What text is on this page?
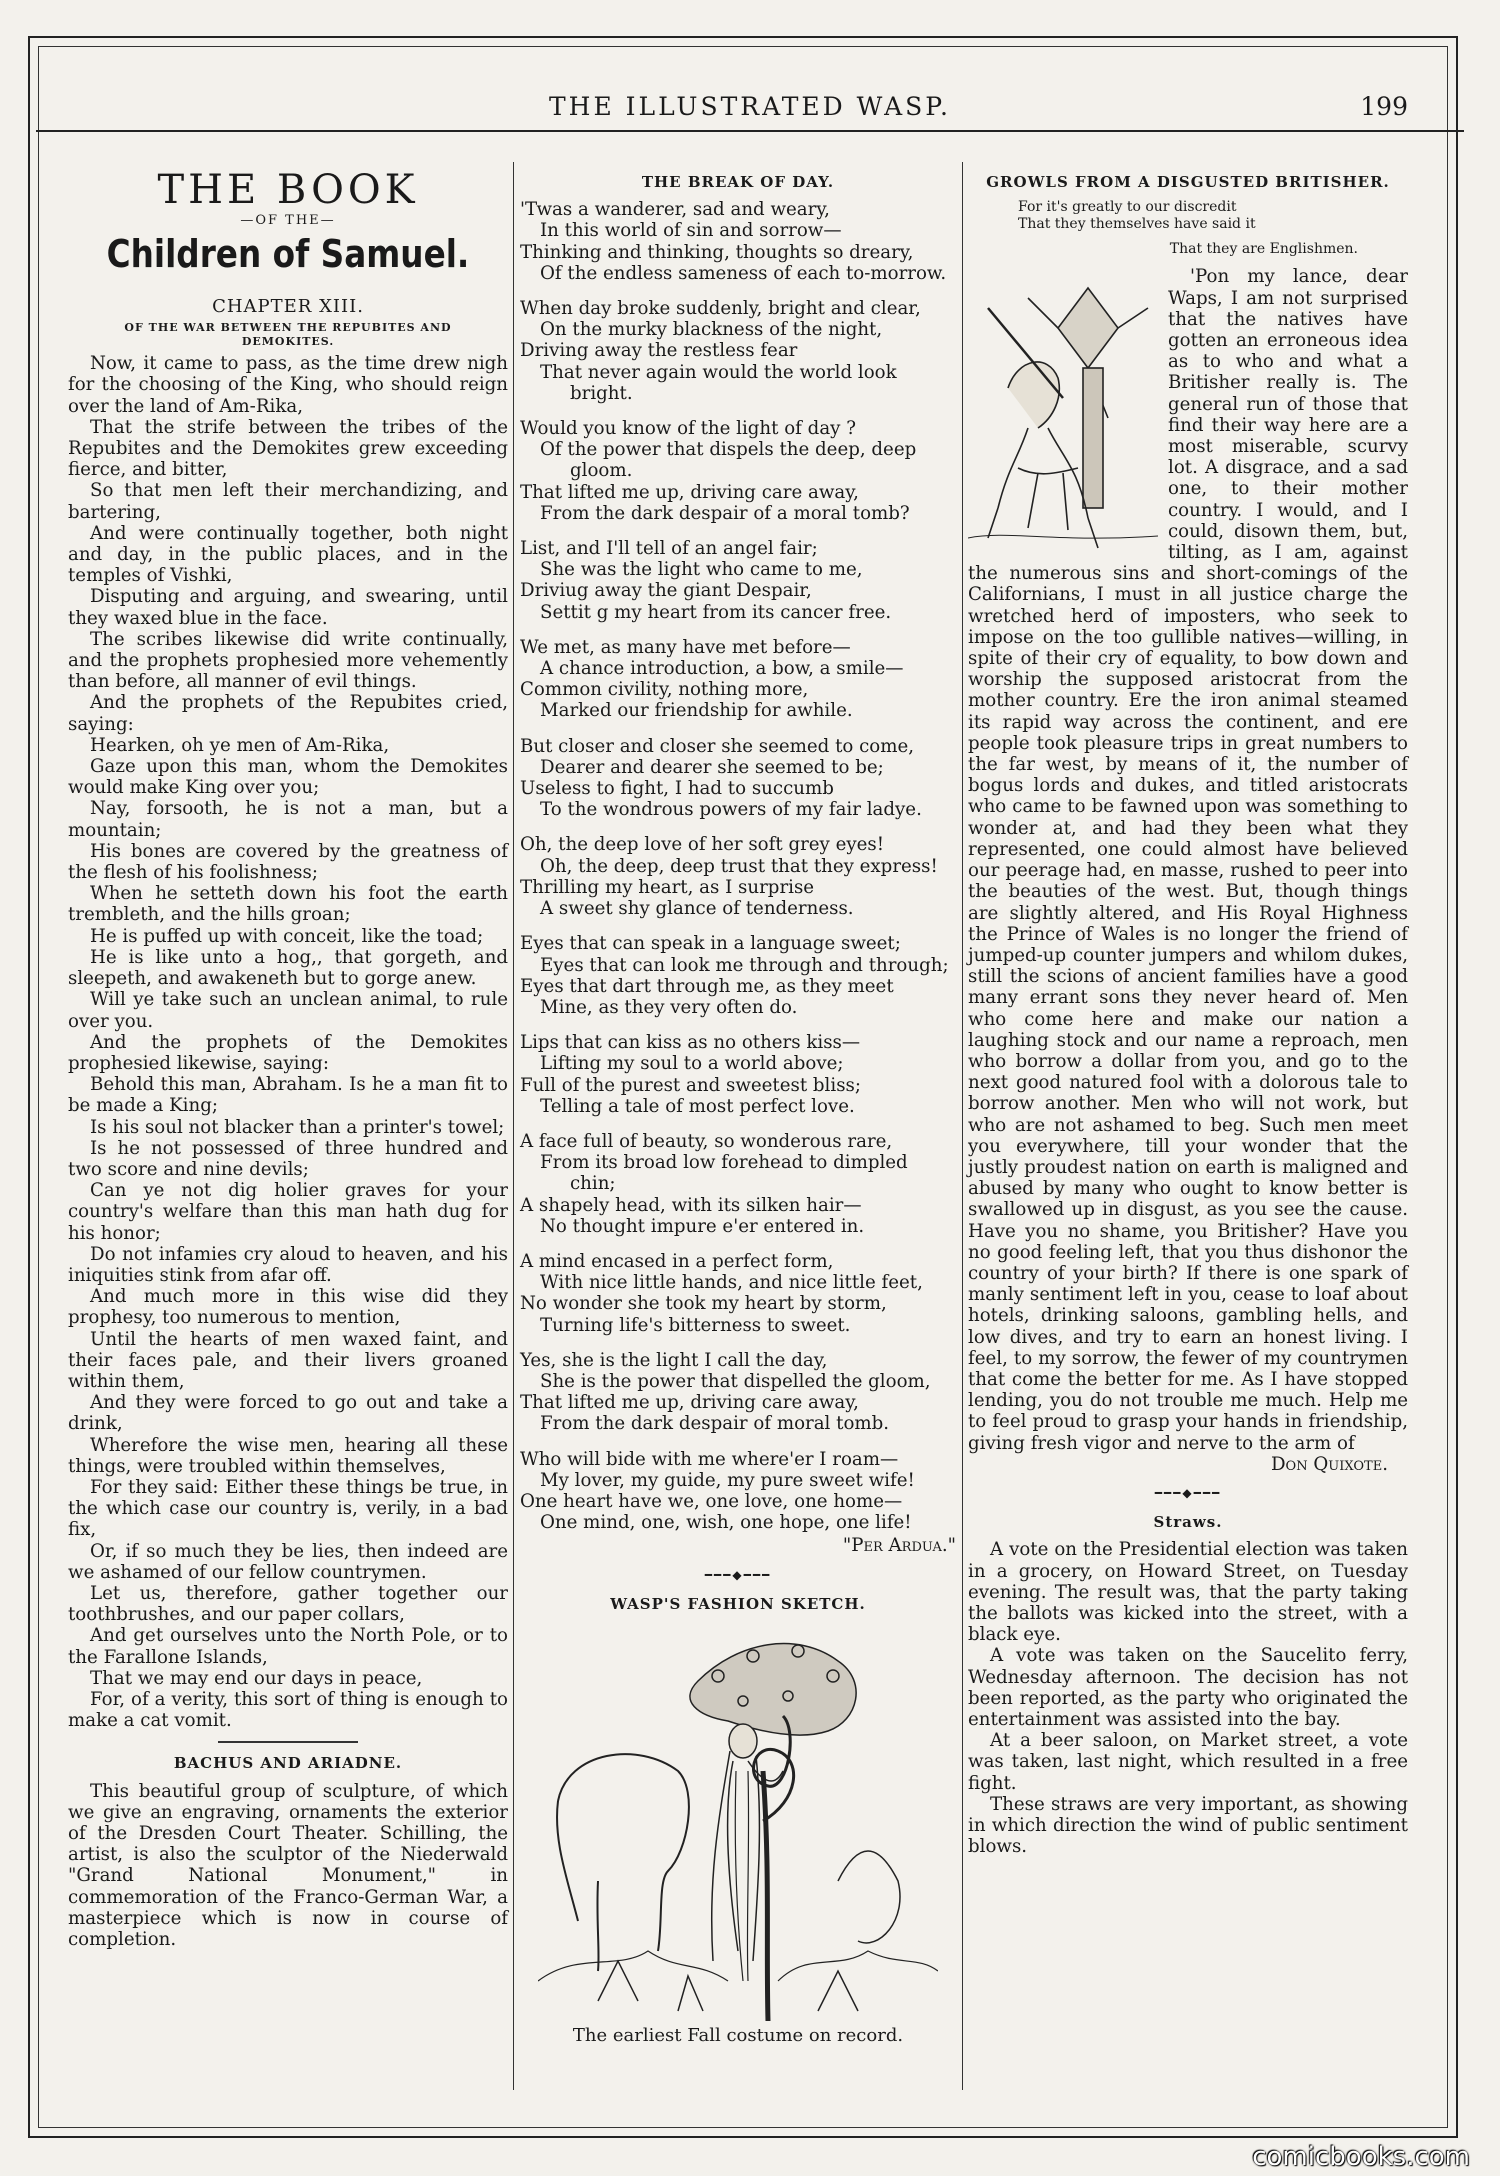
THE ILLUSTRATED WASP.	199
THE BOOK
—OF THE—
Children of Samuel.
CHAPTER XIII.
OF THE WAR BETWEEN THE REPUBITES AND DEMOKITES.

Now, it came to pass, as the time drew nigh for the choosing of the King, who should reign over the land of Am-Rika,

That the strife between the tribes of the Repubites and the Demokites grew exceeding fierce, and bitter,

So that men left their merchandizing, and bartering,

And were continually together, both night and day, in the public places, and in the temples of Vishki,

Disputing and arguing, and swearing, until they waxed blue in the face.

The scribes likewise did write continually, and the prophets prophesied more vehemently than before, all manner of evil things.

And the prophets of the Repubites cried, saying:

Hearken, oh ye men of Am-Rika,

Gaze upon this man, whom the Demokites would make King over you;

Nay, forsooth, he is not a man, but a mountain;

His bones are covered by the greatness of the flesh of his foolishness;

When he setteth down his foot the earth trembleth, and the hills groan;

He is puffed up with conceit, like the toad;

He is like unto a hog,, that gorgeth, and sleepeth, and awakeneth but to gorge anew.

Will ye take such an unclean animal, to rule over you.

And the prophets of the Demokites prophesied likewise, saying:

Behold this man, Abraham. Is he a man fit to be made a King;

Is his soul not blacker than a printer's towel;

Is he not possessed of three hundred and two score and nine devils;

Can ye not dig holier graves for your country's welfare than this man hath dug for his honor;

Do not infamies cry aloud to heaven, and his iniquities stink from afar off.

And much more in this wise did they prophesy, too numerous to mention,

Until the hearts of men waxed faint, and their faces pale, and their livers groaned within them,

And they were forced to go out and take a drink,

Wherefore the wise men, hearing all these things, were troubled within themselves,

For they said: Either these things be true, in the which case our country is, verily, in a bad fix,

Or, if so much they be lies, then indeed are we ashamed of our fellow countrymen.

Let us, therefore, gather together our toothbrushes, and our paper collars,

And get ourselves unto the North Pole, or to the Farallone Islands,

That we may end our days in peace,

For, of a verity, this sort of thing is enough to make a cat vomit.

BACHUS AND ARIADNE.

This beautiful group of sculpture, of which we give an engraving, ornaments the exterior of the Dresden Court Theater. Schilling, the artist, is also the sculptor of the Niederwald "Grand National Monument," in commemoration of the Franco-German War, a masterpiece which is now in course of completion.

THE BREAK OF DAY.
'Twas a wanderer, sad and weary,
In this world of sin and sorrow—
Thinking and thinking, thoughts so dreary,
Of the endless sameness of each to-morrow.
When day broke suddenly, bright and clear,
On the murky blackness of the night,
Driving away the restless fear
That never again would the world look bright.
Would you know of the light of day ?
Of the power that dispels the deep, deep gloom.
That lifted me up, driving care away,
From the dark despair of a moral tomb?
List, and I'll tell of an angel fair;
She was the light who came to me,
Driviug away the giant Despair,
Settit g my heart from its cancer free.
We met, as many have met before—
A chance introduction, a bow, a smile—
Common civility, nothing more,
Marked our friendship for awhile.
But closer and closer she seemed to come,
Dearer and dearer she seemed to be;
Useless to fight, I had to succumb
To the wondrous powers of my fair ladye.
Oh, the deep love of her soft grey eyes!
Oh, the deep, deep trust that they express!
Thrilling my heart, as I surprise
A sweet shy glance of tenderness.
Eyes that can speak in a language sweet;
Eyes that can look me through and through;
Eyes that dart through me, as they meet
Mine, as they very often do.
Lips that can kiss as no others kiss—
Lifting my soul to a world above;
Full of the purest and sweetest bliss;
Telling a tale of most perfect love.
A face full of beauty, so wonderous rare,
From its broad low forehead to dimpled chin;
A shapely head, with its silken hair—
No thought impure e'er entered in.
A mind encased in a perfect form,
With nice little hands, and nice little feet,
No wonder she took my heart by storm,
Turning life's bitterness to sweet.
Yes, she is the light I call the day,
She is the power that dispelled the gloom,
That lifted me up, driving care away,
From the dark despair of moral tomb.
Who will bide with me where'er I roam—
My lover, my guide, my pure sweet wife!
One heart have we, one love, one home—
One mind, one, wish, one hope, one life!

"Per Ardua."

━━━◆━━━
WASP'S FASHION SKETCH.
The earliest Fall costume on record.
GROWLS FROM A DISGUSTED BRITISHER.
For it's greatly to our discredit
That they themselves have said it
That they are Englishmen.

'Pon my lance, dear Waps, I am not surprised that the natives have gotten an erroneous idea as to who and what a Britisher really is. The general run of those that find their way here are a most miserable, scurvy lot. A disgrace, and a sad one, to their mother country. I would, and I could, disown them, but, tilting, as I am, against the numerous sins and short-comings of the Californians, I must in all justice charge the wretched herd of imposters, who seek to impose on the too gullible natives—willing, in spite of their cry of equality, to bow down and worship the supposed aristocrat from the mother country. Ere the iron animal steamed its rapid way across the continent, and ere people took pleasure trips in great numbers to the far west, by means of it, the number of bogus lords and dukes, and titled aristocrats who came to be fawned upon was something to wonder at, and had they been what they represented, one could almost have believed our peerage had, en masse, rushed to peer into the beauties of the west. But, though things are slightly altered, and His Royal Highness the Prince of Wales is no longer the friend of jumped-up counter jumpers and whilom dukes, still the scions of ancient families have a good many errant sons they never heard of. Men who come here and make our nation a laughing stock and our name a reproach, men who borrow a dollar from you, and go to the next good natured fool with a dolorous tale to borrow another. Men who will not work, but who are not ashamed to beg. Such men meet you everywhere, till your wonder that the justly proudest nation on earth is maligned and abused by many who ought to know better is swallowed up in disgust, as you see the cause. Have you no shame, you Britisher? Have you no good feeling left, that you thus dishonor the country of your birth? If there is one spark of manly sentiment left in you, cease to loaf about hotels, drinking saloons, gambling hells, and low dives, and try to earn an honest living. I feel, to my sorrow, the fewer of my countrymen that come the better for me. As I have stopped lending, you do not trouble me much. Help me to feel proud to grasp your hands in friendship, giving fresh vigor and nerve to the arm of

Don Quixote.

━━━◆━━━
Straws.

A vote on the Presidential election was taken in a grocery, on Howard Street, on Tuesday evening. The result was, that the party taking the ballots was kicked into the street, with a black eye.

A vote was taken on the Saucelito ferry, Wednesday afternoon. The decision has not been reported, as the party who originated the entertainment was assisted into the bay.

At a beer saloon, on Market street, a vote was taken, last night, which resulted in a free fight.

These straws are very important, as showing in which direction the wind of public sentiment blows.

comicbooks.com
